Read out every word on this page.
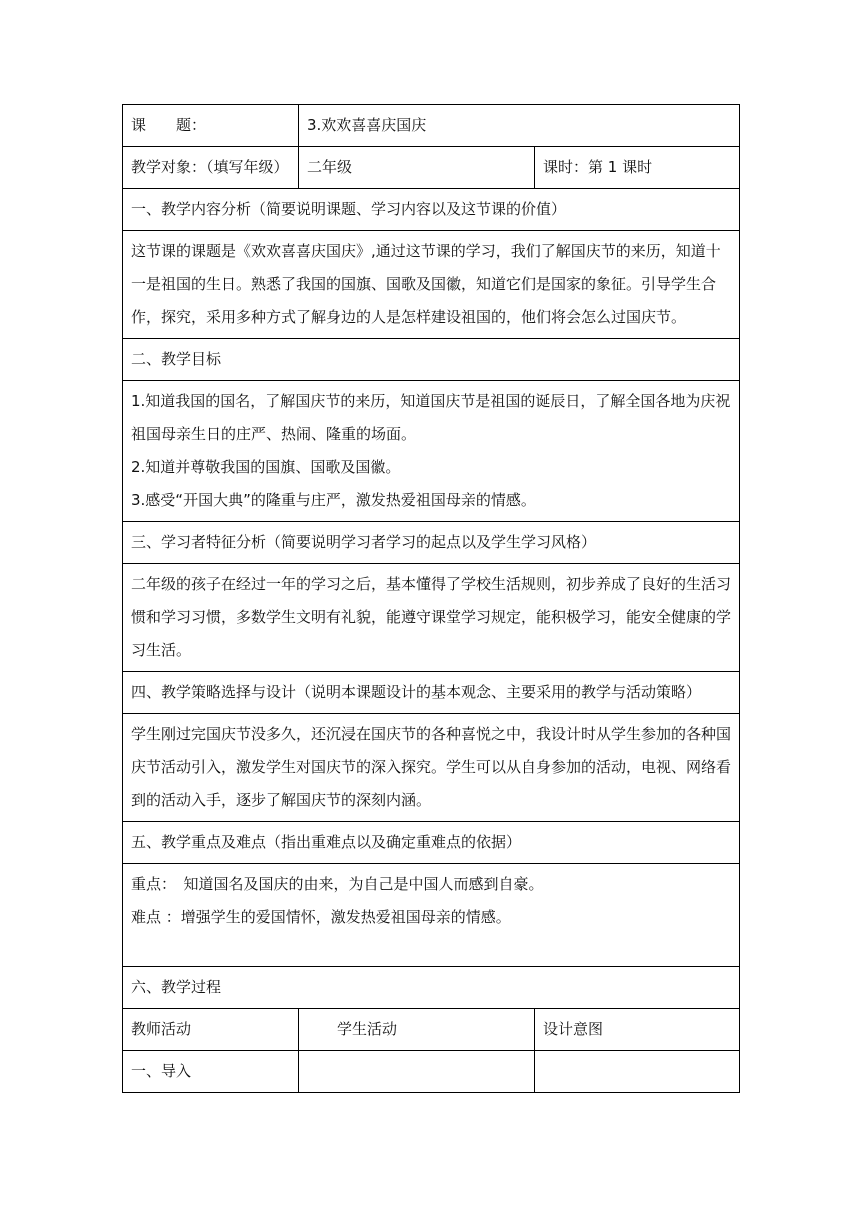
课　　题：	3.欢欢喜喜庆国庆	
教学对象：（填写年级）	二年级	课时：第 1 课时
一、教学内容分析（简要说明课题、学习内容以及这节课的价值）		
这节课的课题是《欢欢喜喜庆国庆》,通过这节课的学习，我们了解国庆节的来历，知道十一是祖国的生日。熟悉了我国的国旗、国歌及国徽，知道它们是国家的象征。引导学生合作，探究，采用多种方式了解身边的人是怎样建设祖国的，他们将会怎么过国庆节。		
二、教学目标		

1.知道我国的国名，了解国庆节的来历，知道国庆节是祖国的诞辰日，了解全国各地为庆祝祖国母亲生日的庄严、热闹、隆重的场面。
2.知道并尊敬我国的国旗、国歌及国徽。
3.感受“开国大典”的隆重与庄严，激发热爱祖国母亲的情感。		

三、学习者特征分析（简要说明学习者学习的起点以及学生学习风格）		
二年级的孩子在经过一年的学习之后，基本懂得了学校生活规则，初步养成了良好的生活习惯和学习习惯，多数学生文明有礼貌，能遵守课堂学习规定，能积极学习，能安全健康的学习生活。		
四、教学策略选择与设计（说明本课题设计的基本观念、主要采用的教学与活动策略）		
学生刚过完国庆节没多久，还沉浸在国庆节的各种喜悦之中，我设计时从学生参加的各种国庆节活动引入，激发学生对国庆节的深入探究。学生可以从自身参加的活动，电视、网络看到的活动入手，逐步了解国庆节的深刻内涵。		
五、教学重点及难点（指出重难点以及确定重难点的依据）		

重点：　知道国名及国庆的由来，为自己是中国人而感到自豪。
难点 ：增强学生的爱国情怀，激发热爱祖国母亲的情感。		

六、教学过程		
教师活动	学生活动	设计意图
一、导入		
